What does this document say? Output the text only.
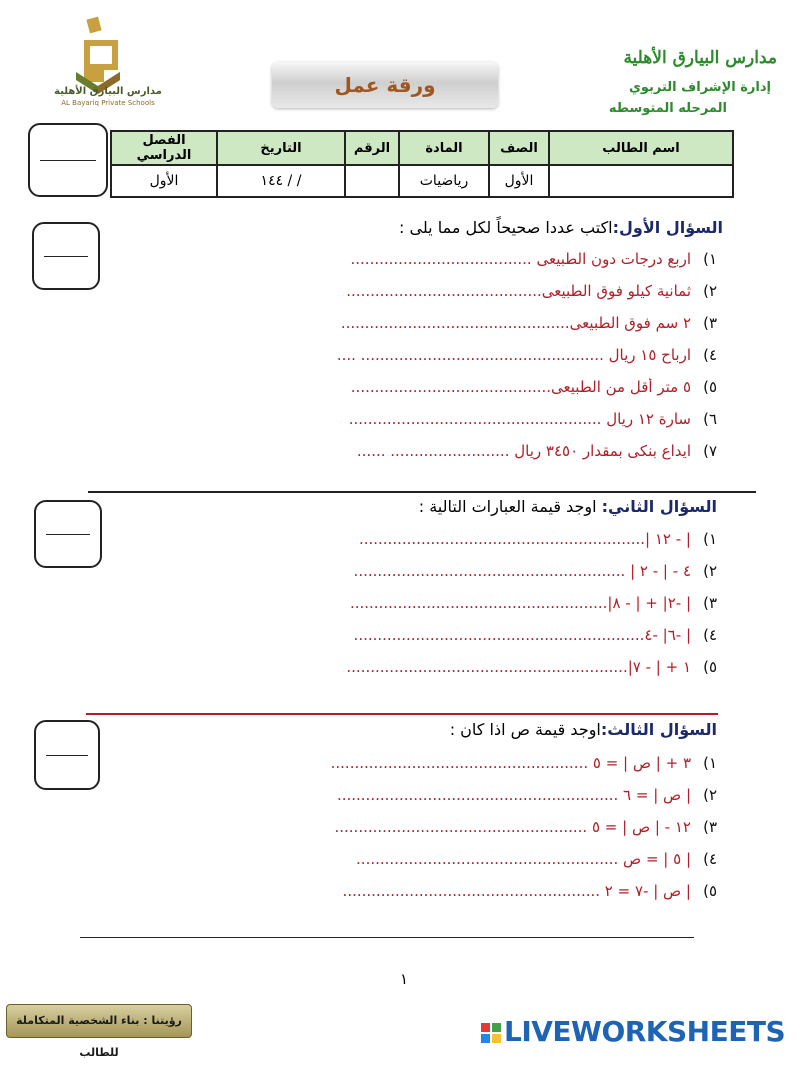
مدارس البيارق الأهلية
AL Bayariq Private Schools
مدارس البيارق الأهلية
إدارة الإشراف التربوي
المرحله المتوسطه
ورقة عمل
اسم الطالب	الصف	المادة	الرقم	التاريخ	الفصل الدراسي
	الأول	رياضيات		/ / ١٤٤	الأول
السؤال الأول:اكتب عددا صحيحاً لكل مما يلى :
١)
اربع درجات دون الطبيعى ......................................
٢)
ثمانية كيلو فوق الطبيعى.........................................
٣)
٢ سم فوق الطبيعى................................................
٤)
ارباح ١٥ ريال ................................................... ....
٥)
٥ متر أقل من الطبيعى..........................................
٦)
سارة ١٢ ريال .....................................................
٧)
ايداع بنكى بمقدار ٣٤٥٠ ريال ......................... ......
السؤال الثاني: اوجد قيمة العبارات التالية :
١)
| - ١٢ |............................................................
٢)
٤ - | - ٢ | .........................................................
٣)
| -٢| + | - ٨|......................................................
٤)
| -٦| -٤.............................................................
٥)
١ + | - ٧|...........................................................
السؤال الثالث:اوجد قيمة ص اذا كان :
١)
٣ + | ص | = ٥ ......................................................
٢)
| ص | = ٦ ...........................................................
٣)
١٢ - | ص | = ٥ .....................................................
٤)
| ٥ | = ص .......................................................
٥)
| ص | -٧ = ٢ ......................................................
١
رؤيتنا : بناء الشخصية المتكاملة للطالب
LIVEWORKSHEETS
